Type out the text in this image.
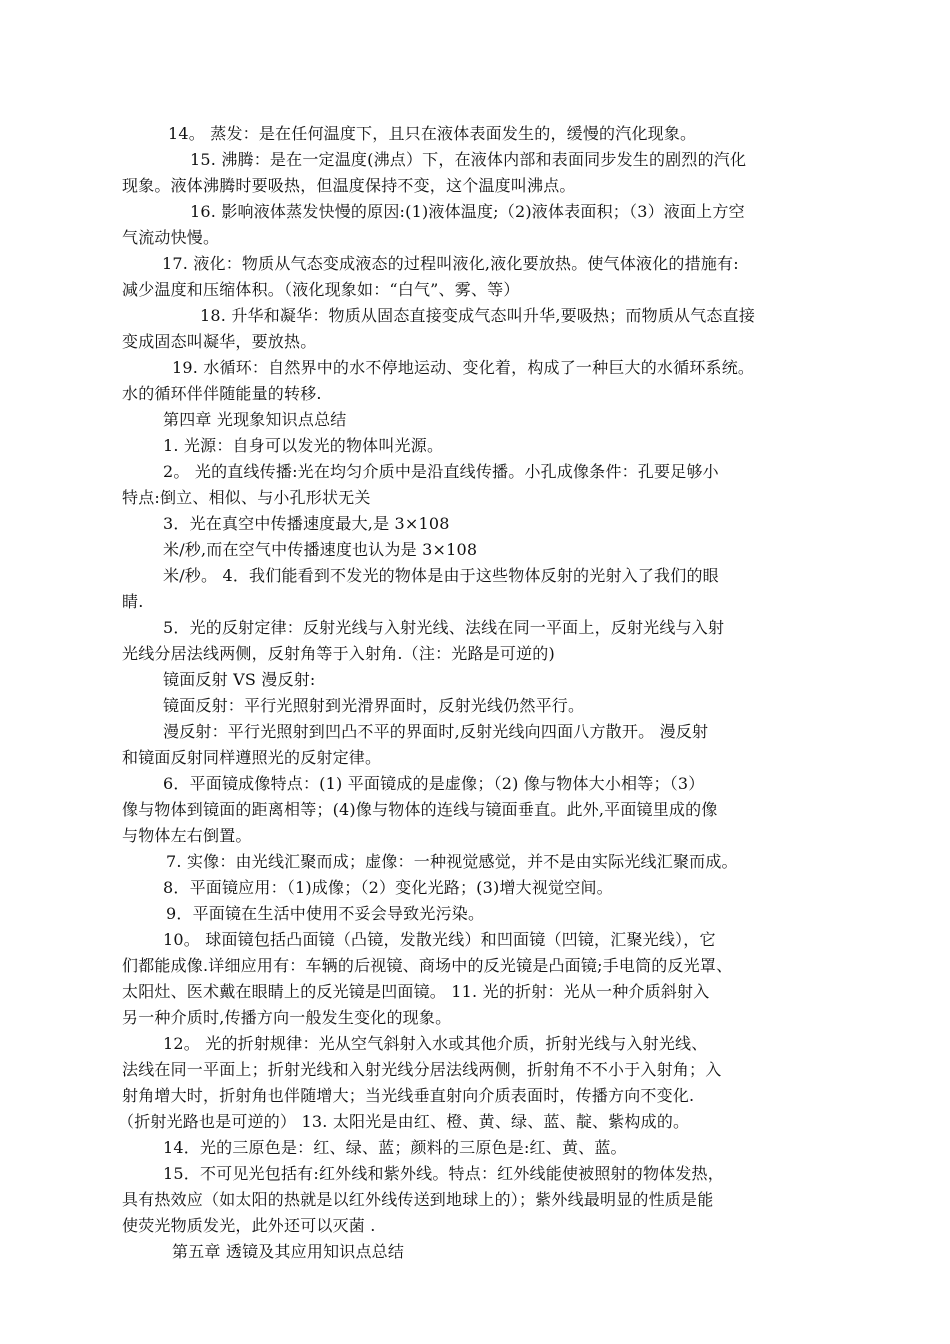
14。 蒸发：是在任何温度下，且只在液体表面发生的，缓慢的汽化现象。
15. 沸腾：是在一定温度(沸点）下，在液体内部和表面同步发生的剧烈的汽化
现象。液体沸腾时要吸热，但温度保持不变，这个温度叫沸点。
16. 影响液体蒸发快慢的原因:(1)液体温度;（2)液体表面积；（3）液面上方空
气流动快慢。
17. 液化：物质从气态变成液态的过程叫液化,液化要放热。使气体液化的措施有:
减少温度和压缩体积。（液化现象如：“白气”、雾、等）
18. 升华和凝华：物质从固态直接变成气态叫升华,要吸热；而物质从气态直接
变成固态叫凝华，要放热。
19. 水循环：自然界中的水不停地运动、变化着，构成了一种巨大的水循环系统。
水的循环伴伴随能量的转移.
第四章 光现象知识点总结
1. 光源：自身可以发光的物体叫光源。
2。 光的直线传播:光在均匀介质中是沿直线传播。小孔成像条件：孔要足够小
特点:倒立、相似、与小孔形状无关
3．光在真空中传播速度最大,是 3×108
米/秒,而在空气中传播速度也认为是 3×108
米/秒。 4．我们能看到不发光的物体是由于这些物体反射的光射入了我们的眼
睛.
5．光的反射定律：反射光线与入射光线、法线在同一平面上，反射光线与入射
光线分居法线两侧，反射角等于入射角.（注：光路是可逆的)
镜面反射 VS 漫反射:
镜面反射：平行光照射到光滑界面时，反射光线仍然平行。
漫反射：平行光照射到凹凸不平的界面时,反射光线向四面八方散开。 漫反射
和镜面反射同样遵照光的反射定律。
6．平面镜成像特点：(1) 平面镜成的是虚像；（2) 像与物体大小相等；（3）
像与物体到镜面的距离相等；(4)像与物体的连线与镜面垂直。此外,平面镜里成的像
与物体左右倒置。
7. 实像：由光线汇聚而成；虚像：一种视觉感觉，并不是由实际光线汇聚而成。
8．平面镜应用：（1)成像；（2）变化光路；(3)增大视觉空间。
9．平面镜在生活中使用不妥会导致光污染。
10。 球面镜包括凸面镜（凸镜，发散光线）和凹面镜（凹镜，汇聚光线），它
们都能成像.详细应用有：车辆的后视镜、商场中的反光镜是凸面镜;手电筒的反光罩、
太阳灶、医术戴在眼睛上的反光镜是凹面镜。 11. 光的折射：光从一种介质斜射入
另一种介质时,传播方向一般发生变化的现象。
12。 光的折射规律：光从空气斜射入水或其他介质，折射光线与入射光线、
法线在同一平面上；折射光线和入射光线分居法线两侧，折射角不不小于入射角；入
射角增大时，折射角也伴随增大；当光线垂直射向介质表面时，传播方向不变化.
（折射光路也是可逆的） 13. 太阳光是由红、橙、黄、绿、蓝、靛、紫构成的。
14．光的三原色是：红、绿、蓝；颜料的三原色是:红、黄、蓝。
15．不可见光包括有:红外线和紫外线。特点：红外线能使被照射的物体发热，
具有热效应（如太阳的热就是以红外线传送到地球上的）；紫外线最明显的性质是能
使荧光物质发光，此外还可以灭菌 .
第五章 透镜及其应用知识点总结
